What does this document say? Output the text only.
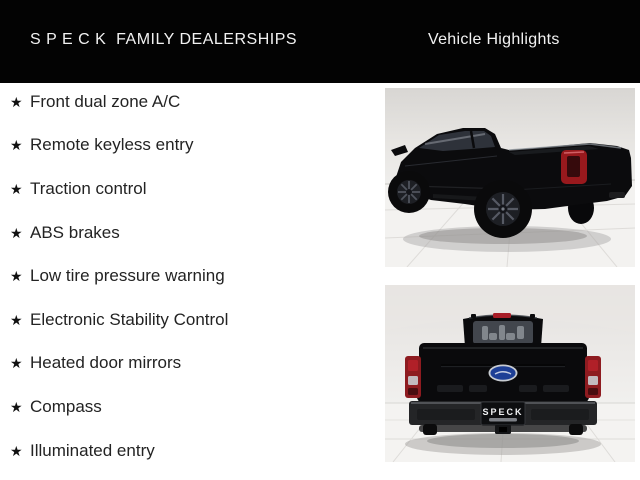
S P E C K  FAMILY DEALERSHIPS	Vehicle Highlights
★ Front dual zone A/C
★ Remote keyless entry
★ Traction control
★ ABS brakes
★ Low tire pressure warning
★ Electronic Stability Control
★ Heated door mirrors
★ Compass
★ Illuminated entry
SPECK
